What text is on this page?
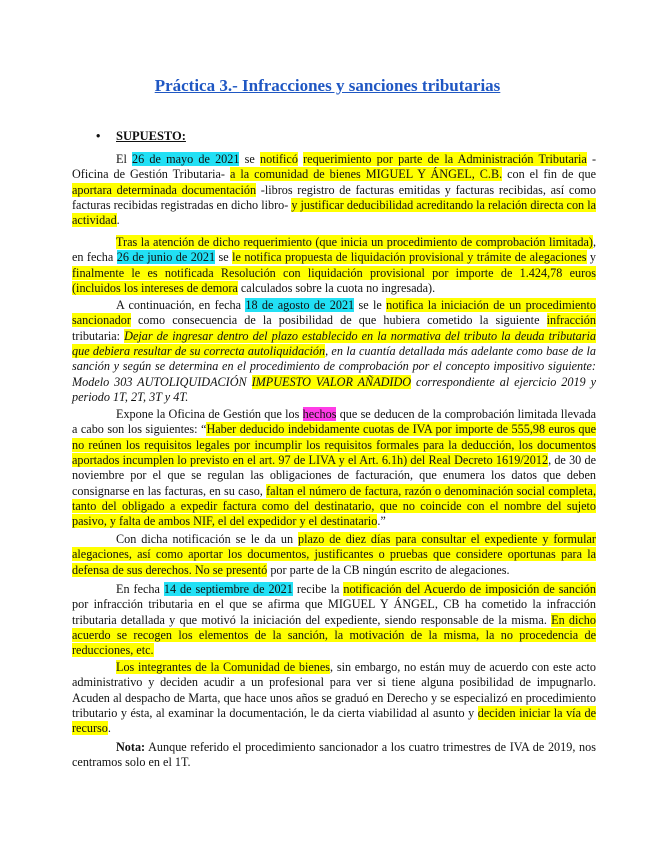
Práctica 3.- Infracciones y sanciones tributarias
• SUPUESTO:

El 26 de mayo de 2021 se notificó requerimiento por parte de la Administración Tributaria -Oficina de Gestión Tributaria- a la comunidad de bienes MIGUEL Y ÁNGEL, C.B. con el fin de que aportara determinada documentación -libros registro de facturas emitidas y facturas recibidas, así como facturas recibidas registradas en dicho libro- y justificar deducibilidad acreditando la relación directa con la actividad.

Tras la atención de dicho requerimiento (que inicia un procedimiento de comprobación limitada), en fecha 26 de junio de 2021 se le notifica propuesta de liquidación provisional y trámite de alegaciones y finalmente le es notificada Resolución con liquidación provisional por importe de 1.424,78 euros (incluidos los intereses de demora calculados sobre la cuota no ingresada).

A continuación, en fecha 18 de agosto de 2021 se le notifica la iniciación de un procedimiento sancionador como consecuencia de la posibilidad de que hubiera cometido la siguiente infracción tributaria: Dejar de ingresar dentro del plazo establecido en la normativa del tributo la deuda tributaria que debiera resultar de su correcta autoliquidación, en la cuantía detallada más adelante como base de la sanción y según se determina en el procedimiento de comprobación por el concepto impositivo siguiente: Modelo 303 AUTOLIQUIDACIÓN IMPUESTO VALOR AÑADIDO correspondiente al ejercicio 2019 y periodo 1T, 2T, 3T y 4T.

Expone la Oficina de Gestión que los hechos que se deducen de la comprobación limitada llevada a cabo son los siguientes: “Haber deducido indebidamente cuotas de IVA por importe de 555,98 euros que no reúnen los requisitos legales por incumplir los requisitos formales para la deducción, los documentos aportados incumplen lo previsto en el art. 97 de LIVA y el Art. 6.1h) del Real Decreto 1619/2012, de 30 de noviembre por el que se regulan las obligaciones de facturación, que enumera los datos que deben consignarse en las facturas, en su caso, faltan el número de factura, razón o denominación social completa, tanto del obligado a expedir factura como del destinatario, que no coincide con el nombre del sujeto pasivo, y falta de ambos NIF, el del expedidor y el destinatario.”

Con dicha notificación se le da un plazo de diez días para consultar el expediente y formular alegaciones, así como aportar los documentos, justificantes o pruebas que considere oportunas para la defensa de sus derechos. No se presentó por parte de la CB ningún escrito de alegaciones.

En fecha 14 de septiembre de 2021 recibe la notificación del Acuerdo de imposición de sanción por infracción tributaria en el que se afirma que MIGUEL Y ÁNGEL, CB ha cometido la infracción tributaria detallada y que motivó la iniciación del expediente, siendo responsable de la misma. En dicho acuerdo se recogen los elementos de la sanción, la motivación de la misma, la no procedencia de reducciones, etc.

Los integrantes de la Comunidad de bienes, sin embargo, no están muy de acuerdo con este acto administrativo y deciden acudir a un profesional para ver si tiene alguna posibilidad de impugnarlo. Acuden al despacho de Marta, que hace unos años se graduó en Derecho y se especializó en procedimiento tributario y ésta, al examinar la documentación, le da cierta viabilidad al asunto y deciden iniciar la vía de recurso.

Nota: Aunque referido el procedimiento sancionador a los cuatro trimestres de IVA de 2019, nos centramos solo en el 1T.
